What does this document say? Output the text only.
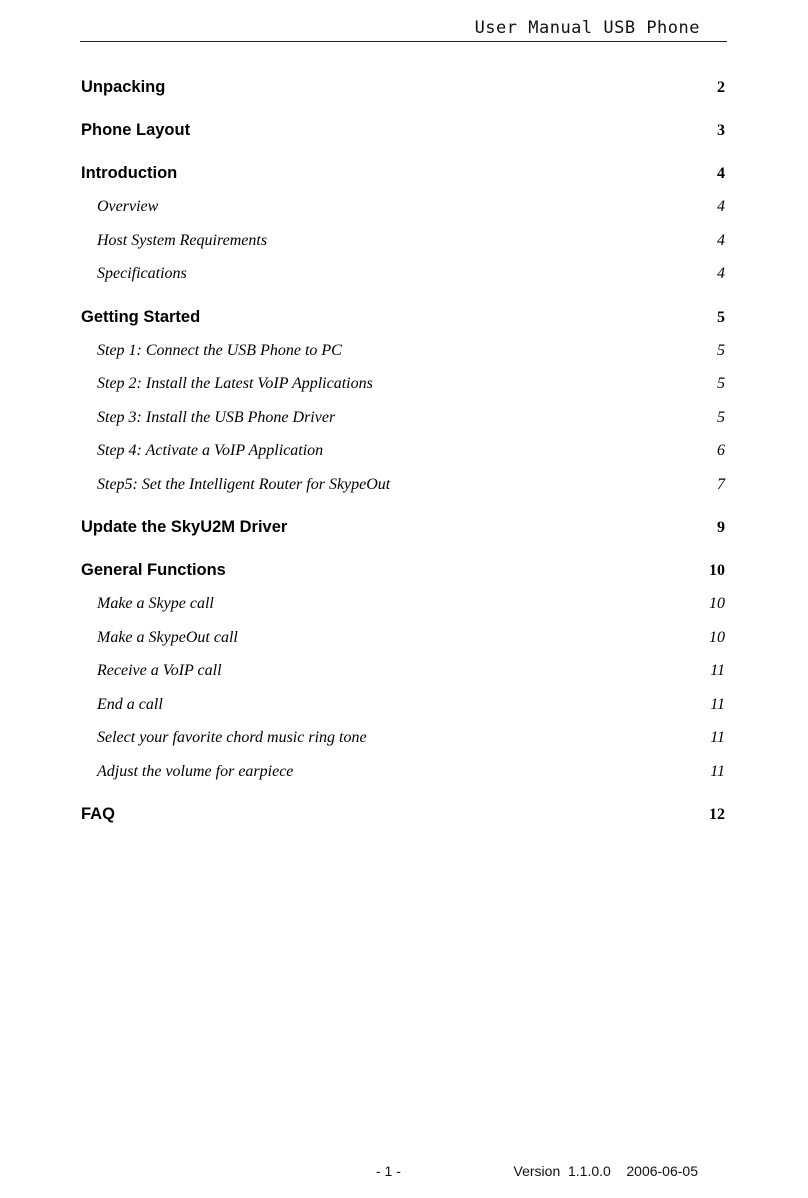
User Manual USB Phone
Unpacking	2
Phone Layout	3
Introduction	4
Overview	4
Host System Requirements	4
Specifications	4
Getting Started	5
Step 1: Connect the USB Phone to PC	5
Step 2: Install the Latest VoIP Applications	5
Step 3: Install the USB Phone Driver	5
Step 4: Activate a VoIP Application	6
Step5: Set the Intelligent Router for SkypeOut	7
Update the SkyU2M Driver	9
General Functions	10
Make a Skype call	10
Make a SkypeOut call	10
Receive a VoIP call	11
End a call	11
Select your favorite chord music ring tone	11
Adjust the volume for earpiece	11
FAQ	12
- 1 -	Version  1.1.0.0    2006-06-05
